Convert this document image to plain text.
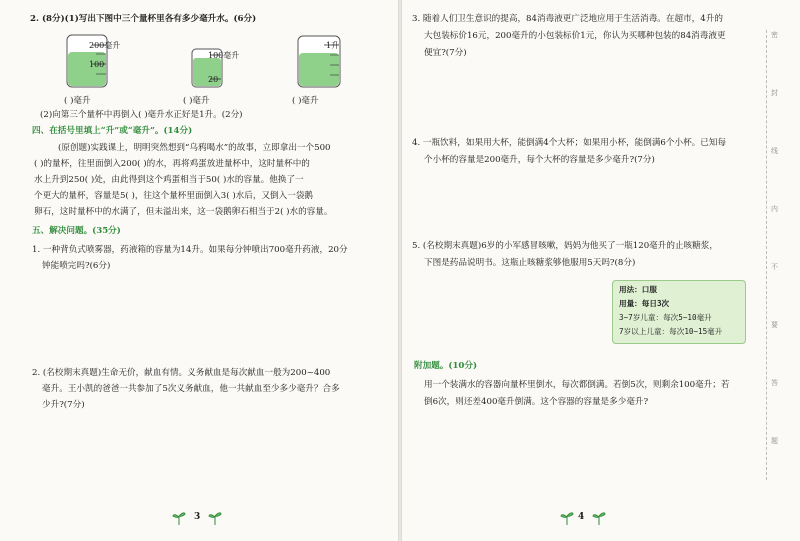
2. (8分)(1)写出下图中三个量杯里各有多少毫升水。(6分)
200毫升
100
100毫升
20
1升
( )毫升	( )毫升	( )毫升
(2)向第三个量杯中再倒入( )毫升水正好是1升。(2分)
四、在括号里填上“升”或“毫升”。(14分)
(原创题)实践课上，明明突然想到“乌鸦喝水”的故事，立即拿出一个500
( )的量杯，往里面倒入200( )的水，再将鸡蛋放进量杯中，这时量杯中的
水上升到250( )处，由此得到这个鸡蛋相当于50( )水的容量。他换了一
个更大的量杯，容量是5( )，往这个量杯里面倒入3( )水后，又倒入一袋鹅
卵石，这时量杯中的水满了，但未溢出来，这一袋鹅卵石相当于2( )水的容量。
五、解决问题。(35分)
1. 一种背负式喷雾器，药液箱的容量为14升。如果每分钟喷出700毫升药液，20分
钟能喷完吗?(6分)
2. (名校期末真题)生命无价，献血有情。义务献血是每次献血一般为200~400
毫升。王小凯的爸爸一共参加了5次义务献血，他一共献血至少多少毫升？合多
少升?(7分)
3
3. 随着人们卫生意识的提高，84消毒液更广泛地应用于生活消毒。在超市，4升的
大包装标价16元，200毫升的小包装标价1元，你认为买哪种包装的84消毒液更
便宜?(7分)
4. 一瓶饮料，如果用大杯，能倒满4个大杯；如果用小杯，能倒满6个小杯。已知每
个小杯的容量是200毫升，每个大杯的容量是多少毫升?(7分)
5. (名校期末真题)6岁的小军感冒咳嗽，妈妈为他买了一瓶120毫升的止咳糖浆，
下图是药品说明书。这瓶止咳糖浆够他服用5天吗?(8分)
用法：口服
用量：每日3次
3~7岁儿童：每次5~10毫升
7岁以上儿童：每次10~15毫升
附加题。(10分)
用一个装满水的容器向量杯里倒水，每次都倒满。若倒5次，则剩余100毫升；若
倒6次，则还差400毫升倒满。这个容器的容量是多少毫升?
密
封
线
内
不
要
答
题
4
